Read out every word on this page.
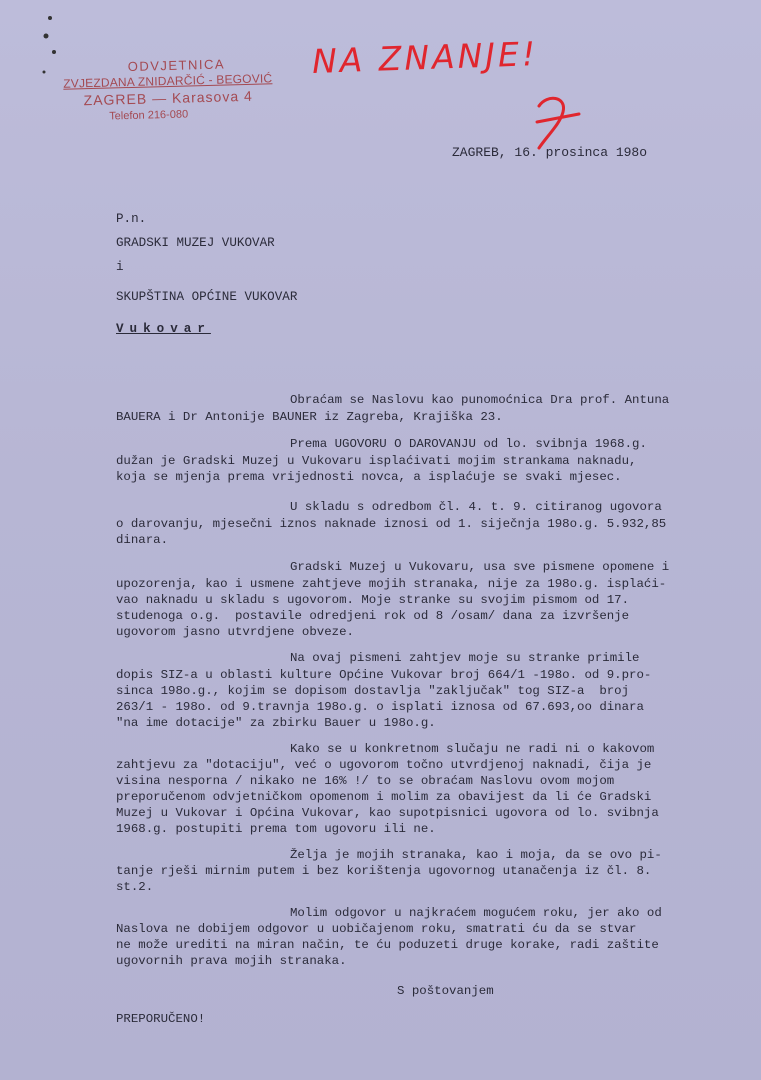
ODVJETNICA
ZVJEZDANA ZNIDARČIĆ - BEGOVIĆ
ZAGREB — Karasova 4
Telefon 216-080
NA ZNANJE!
ZAGREB, 16. prosinca 198o
P.n.
GRADSKI MUZEJ VUKOVAR
i
SKUPŠTINA OPĆINE VUKOVAR
Vukovar
Obraćam se Naslovu kao punomoćnica Dra prof. Antuna
BAUERA i Dr Antonije BAUNER iz Zagreba, Krajiška 23.
Prema UGOVORU O DAROVANJU od lo. svibnja 1968.g.
dužan je Gradski Muzej u Vukovaru isplaćivati mojim strankama naknadu,
koja se mjenja prema vrijednosti novca, a isplaćuje se svaki mjesec.
U skladu s odredbom čl. 4. t. 9. citiranog ugovora
o darovanju, mjesečni iznos naknade iznosi od 1. siječnja 198o.g. 5.932,85
dinara.
Gradski Muzej u Vukovaru, usa sve pismene opomene i
upozorenja, kao i usmene zahtjeve mojih stranaka, nije za 198o.g. isplaći-
vao naknadu u skladu s ugovorom. Moje stranke su svojim pismom od 17.
studenoga o.g.  postavile odredjeni rok od 8 /osam/ dana za izvršenje
ugovorom jasno utvrdjene obveze.
Na ovaj pismeni zahtjev moje su stranke primile
dopis SIZ-a u oblasti kulture Općine Vukovar broj 664/1 -198o. od 9.pro-
sinca 198o.g., kojim se dopisom dostavlja "zaključak" tog SIZ-a  broj
263/1 - 198o. od 9.travnja 198o.g. o isplati iznosa od 67.693,oo dinara
"na ime dotacije" za zbirku Bauer u 198o.g.
Kako se u konkretnom slučaju ne radi ni o kakovom
zahtjevu za "dotaciju", već o ugovorom točno utvrdjenoj naknadi, čija je
visina nesporna / nikako ne 16% !/ to se obraćam Naslovu ovom mojom
preporučenom odvjetničkom opomenom i molim za obavijest da li će Gradski
Muzej u Vukovar i Općina Vukovar, kao supotpisnici ugovora od lo. svibnja
1968.g. postupiti prema tom ugovoru ili ne.
Želja je mojih stranaka, kao i moja, da se ovo pi-
tanje rješi mirnim putem i bez korištenja ugovornog utanačenja iz čl. 8.
st.2.
Molim odgovor u najkraćem mogućem roku, jer ako od
Naslova ne dobijem odgovor u uobičajenom roku, smatrati ću da se stvar
ne može urediti na miran način, te ću poduzeti druge korake, radi zaštite
ugovornih prava mojih stranaka.
S poštovanjem
PREPORUČENO!
